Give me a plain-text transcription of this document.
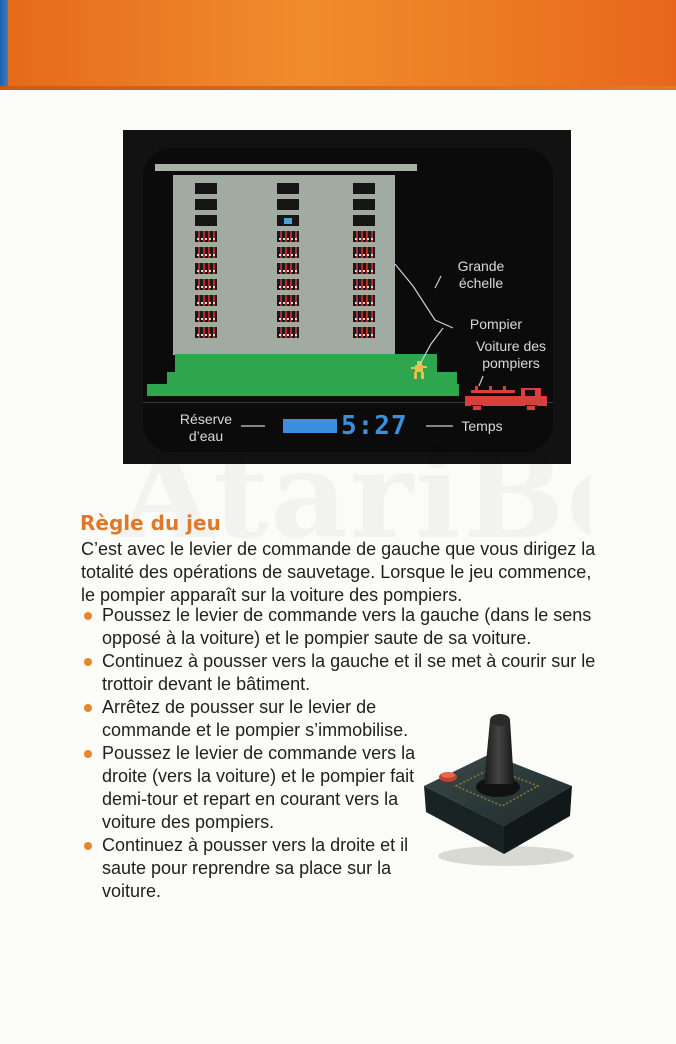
Grande
échelle
Pompier
Voiture des
pompiers
Réserve
d’eau
Temps
5:27
Règle du jeu

C’est avec le levier de commande de gauche que vous dirigez la totalité des opérations de sauvetage. Lorsque le jeu commence, le pompier apparaît sur la voiture des pompiers.

Poussez le levier de commande vers la gauche (dans le sens opposé à la voiture) et le pompier saute de sa voiture.
Continuez à pousser vers la gauche et il se met à courir sur le trottoir devant le bâtiment.
Arrêtez de pousser sur le levier de commande et le pompier s’immobilise.
Poussez le levier de commande vers la droite (vers la voiture) et le pompier fait demi-tour et repart en courant vers la voiture des pompiers.
Continuez à pousser vers la droite et il saute pour reprendre sa place sur la voiture.
